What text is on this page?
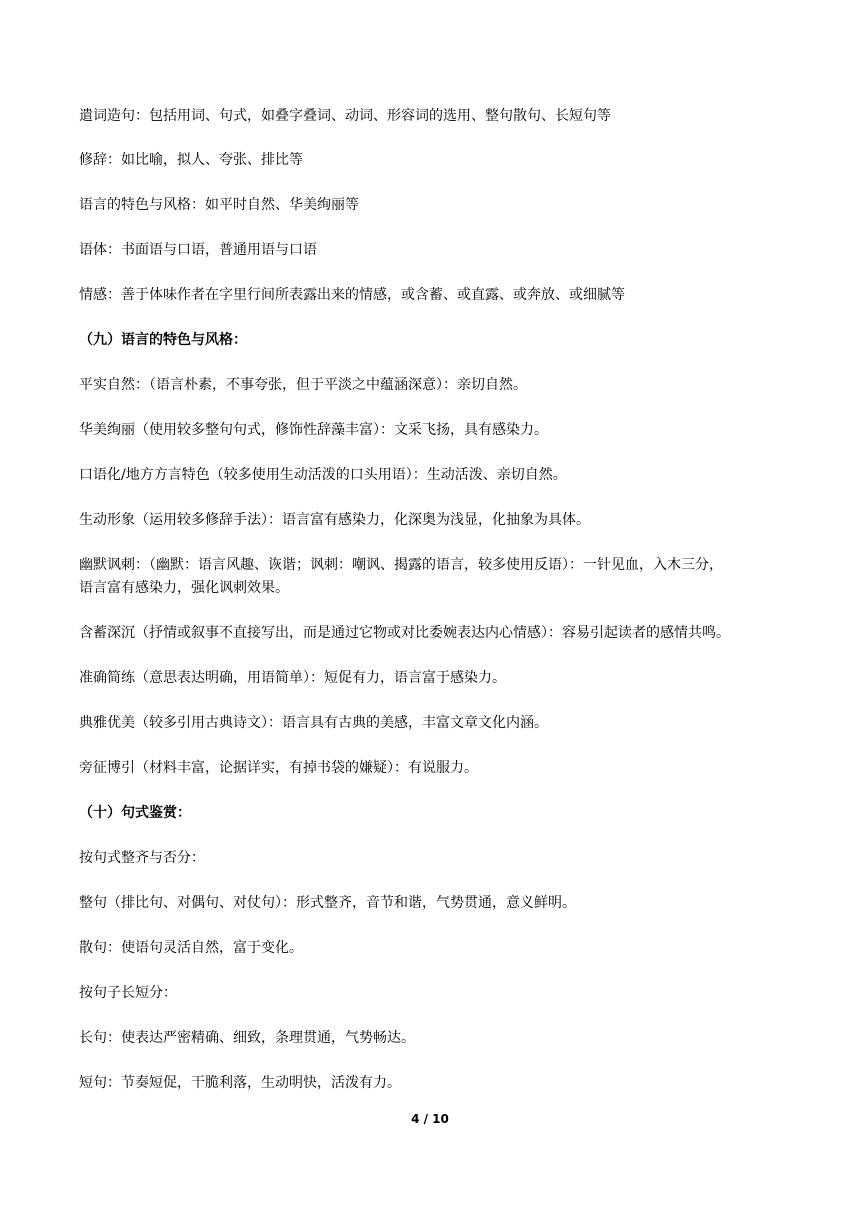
遣词造句：包括用词、句式，如叠字叠词、动词、形容词的选用、整句散句、长短句等
修辞：如比喻，拟人、夸张、排比等
语言的特色与风格：如平时自然、华美绚丽等
语体：书面语与口语，普通用语与口语
情感：善于体味作者在字里行间所表露出来的情感，或含蓄、或直露、或奔放、或细腻等
（九）语言的特色与风格：
平实自然：（语言朴素，不事夸张，但于平淡之中蕴涵深意）：亲切自然。
华美绚丽（使用较多整句句式，修饰性辞藻丰富）：文采飞扬，具有感染力。
口语化/地方方言特色（较多使用生动活泼的口头用语）：生动活泼、亲切自然。
生动形象（运用较多修辞手法）：语言富有感染力，化深奥为浅显，化抽象为具体。
幽默讽刺：（幽默：语言风趣、诙谐；讽刺：嘲讽、揭露的语言，较多使用反语）：一针见血，入木三分，
语言富有感染力，强化讽刺效果。
含蓄深沉（抒情或叙事不直接写出，而是通过它物或对比委婉表达内心情感）：容易引起读者的感情共鸣。
准确简练（意思表达明确，用语简单）：短促有力，语言富于感染力。
典雅优美（较多引用古典诗文）：语言具有古典的美感，丰富文章文化内涵。
旁征博引（材料丰富，论据详实，有掉书袋的嫌疑）：有说服力。
（十）句式鉴赏：
按句式整齐与否分：
整句（排比句、对偶句、对仗句）：形式整齐，音节和谐，气势贯通，意义鲜明。
散句：使语句灵活自然，富于变化。
按句子长短分：
长句：使表达严密精确、细致，条理贯通，气势畅达。
短句：节奏短促，干脆利落，生动明快，活泼有力。
4 / 10
